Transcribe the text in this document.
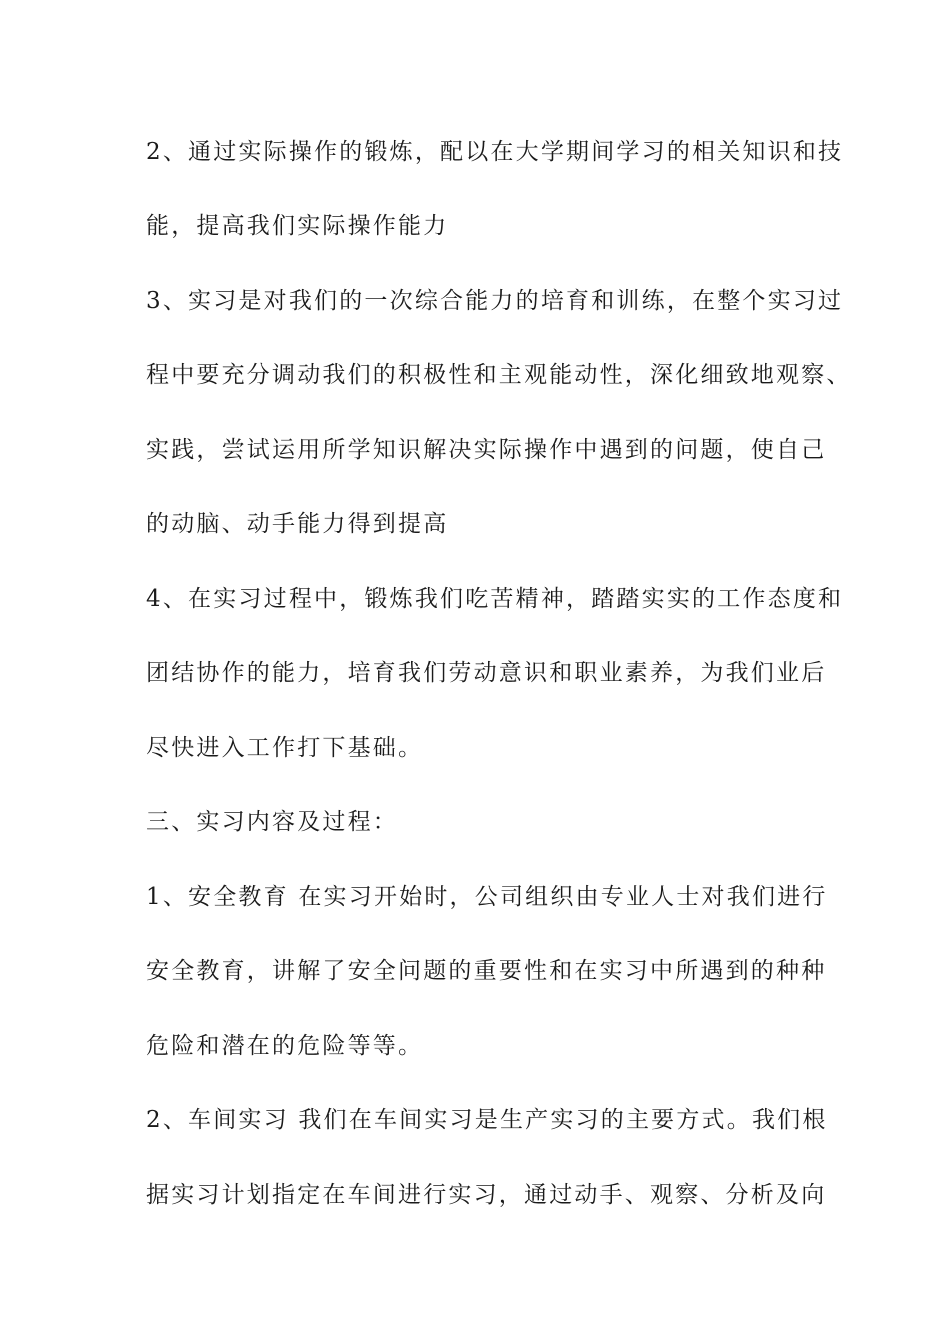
2、通过实际操作的锻炼，配以在大学期间学习的相关知识和技
能，提高我们实际操作能力
3、实习是对我们的一次综合能力的培育和训练，在整个实习过
程中要充分调动我们的积极性和主观能动性，深化细致地观察、
实践，尝试运用所学知识解决实际操作中遇到的问题，使自己
的动脑、动手能力得到提高
4、在实习过程中，锻炼我们吃苦精神，踏踏实实的工作态度和
团结协作的能力，培育我们劳动意识和职业素养，为我们业后
尽快进入工作打下基础。
三、实习内容及过程：
1、安全教育 在实习开始时，公司组织由专业人士对我们进行
安全教育，讲解了安全问题的重要性和在实习中所遇到的种种
危险和潜在的危险等等。
2、车间实习 我们在车间实习是生产实习的主要方式。我们根
据实习计划指定在车间进行实习，通过动手、观察、分析及向
